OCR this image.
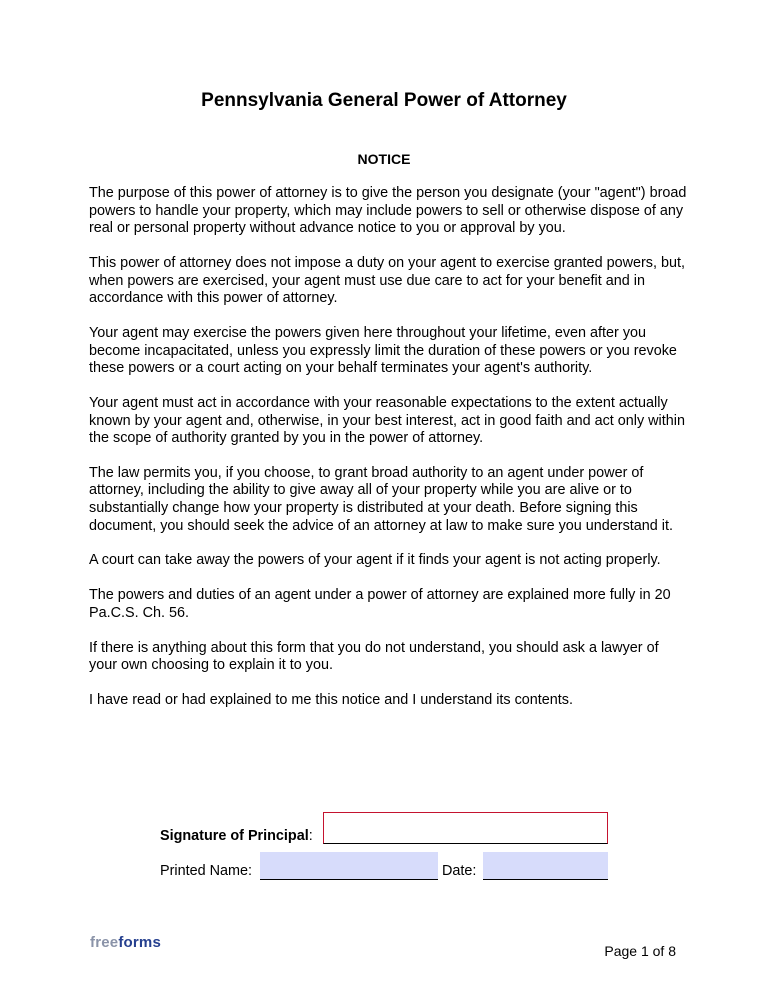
Pennsylvania General Power of Attorney
NOTICE

The purpose of this power of attorney is to give the person you designate (your "agent") broad powers to handle your property, which may include powers to sell or otherwise dispose of any real or personal property without advance notice to you or approval by you.

This power of attorney does not impose a duty on your agent to exercise granted powers, but, when powers are exercised, your agent must use due care to act for your benefit and in accordance with this power of attorney.

Your agent may exercise the powers given here throughout your lifetime, even after you become incapacitated, unless you expressly limit the duration of these powers or you revoke these powers or a court acting on your behalf terminates your agent's authority.

Your agent must act in accordance with your reasonable expectations to the extent actually known by your agent and, otherwise, in your best interest, act in good faith and act only within the scope of authority granted by you in the power of attorney.

The law permits you, if you choose, to grant broad authority to an agent under power of attorney, including the ability to give away all of your property while you are alive or to substantially change how your property is distributed at your death. Before signing this document, you should seek the advice of an attorney at law to make sure you understand it.

A court can take away the powers of your agent if it finds your agent is not acting properly.

The powers and duties of an agent under a power of attorney are explained more fully in 20 Pa.C.S. Ch. 56.

If there is anything about this form that you do not understand, you should ask a lawyer of your own choosing to explain it to you.

I have read or had explained to me this notice and I understand its contents.

Signature of Principal:
Printed Name:	Date:
freeforms	Page 1 of 8
